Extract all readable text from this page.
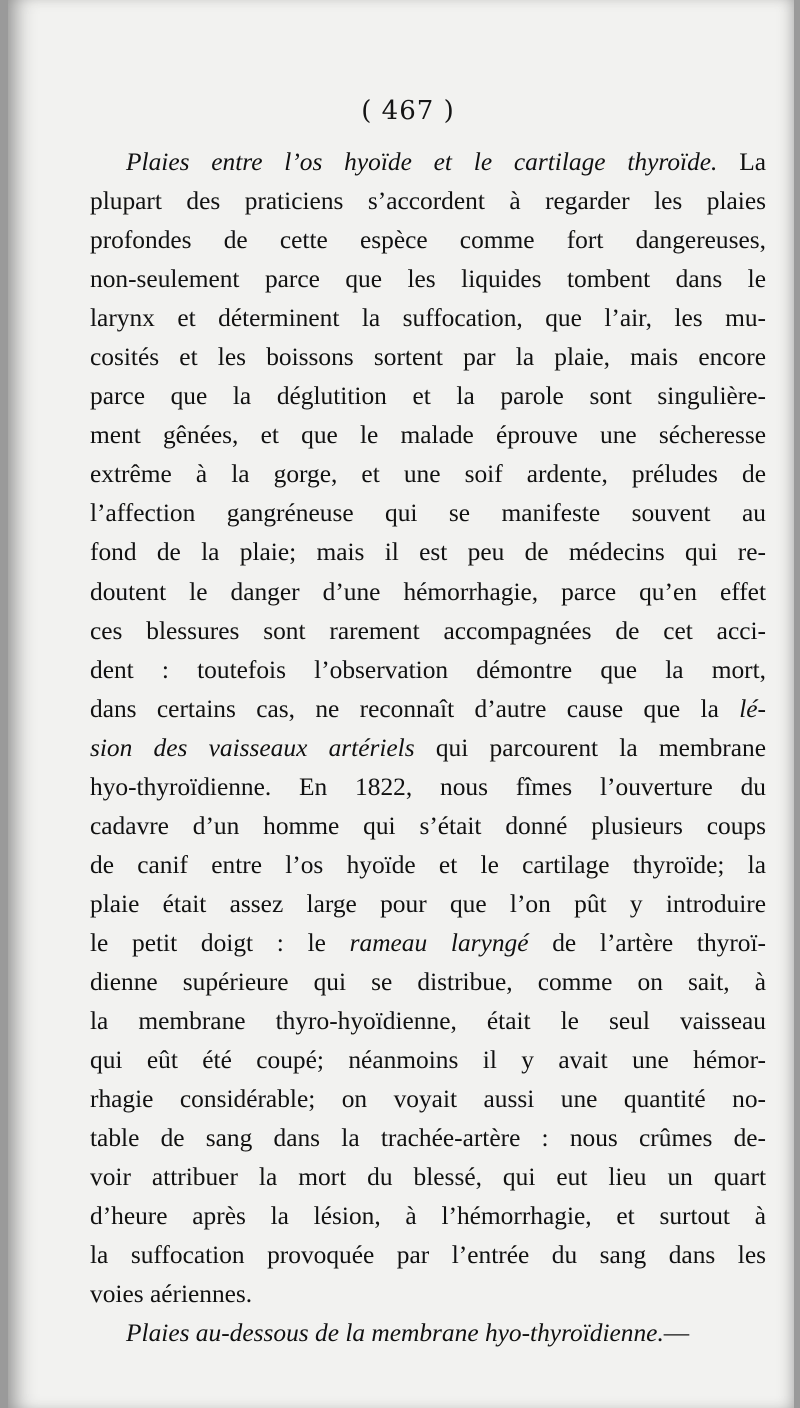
( 467 )
Plaies entre l’os hyoïde et le cartilage thyroïde. La
plupart des praticiens s’accordent à regarder les plaies
profondes de cette espèce comme fort dangereuses,
non-seulement parce que les liquides tombent dans le
larynx et déterminent la suffocation, que l’air, les mu-
cosités et les boissons sortent par la plaie, mais encore
parce que la déglutition et la parole sont singulière-
ment gênées, et que le malade éprouve une sécheresse
extrême à la gorge, et une soif ardente, préludes de
l’affection gangréneuse qui se manifeste souvent au
fond de la plaie; mais il est peu de médecins qui re-
doutent le danger d’une hémorrhagie, parce qu’en effet
ces blessures sont rarement accompagnées de cet acci-
dent : toutefois l’observation démontre que la mort,
dans certains cas, ne reconnaît d’autre cause que la lé-
sion des vaisseaux artériels qui parcourent la membrane
hyo-thyroïdienne. En 1822, nous fîmes l’ouverture du
cadavre d’un homme qui s’était donné plusieurs coups
de canif entre l’os hyoïde et le cartilage thyroïde; la
plaie était assez large pour que l’on pût y introduire
le petit doigt : le rameau laryngé de l’artère thyroï-
dienne supérieure qui se distribue, comme on sait, à
la membrane thyro-hyoïdienne, était le seul vaisseau
qui eût été coupé; néanmoins il y avait une hémor-
rhagie considérable; on voyait aussi une quantité no-
table de sang dans la trachée-artère : nous crûmes de-
voir attribuer la mort du blessé, qui eut lieu un quart
d’heure après la lésion, à l’hémorrhagie, et surtout à
la suffocation provoquée par l’entrée du sang dans les
voies aériennes.
Plaies au-dessous de la membrane hyo-thyroïdienne.—
